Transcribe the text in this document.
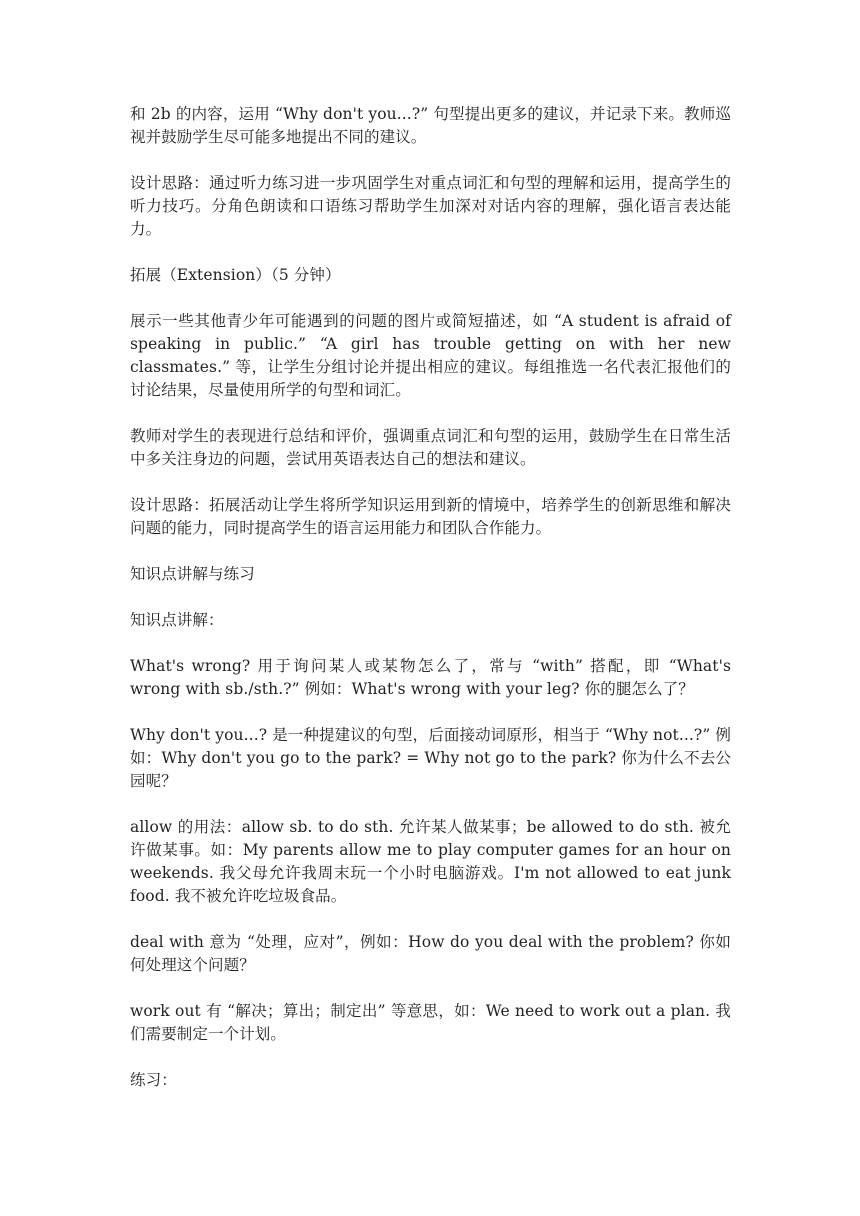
和 2b 的内容，运用 “Why don't you...?” 句型提出更多的建议，并记录下来。教师巡视并鼓励学生尽可能多地提出不同的建议。

设计思路：通过听力练习进一步巩固学生对重点词汇和句型的理解和运用，提高学生的听力技巧。分角色朗读和口语练习帮助学生加深对对话内容的理解，强化语言表达能力。

拓展（Extension）（5 分钟）

展示一些其他青少年可能遇到的问题的图片或简短描述，如 “A student is afraid of speaking in public.” “A girl has trouble getting on with her new classmates.” 等，让学生分组讨论并提出相应的建议。每组推选一名代表汇报他们的讨论结果，尽量使用所学的句型和词汇。

教师对学生的表现进行总结和评价，强调重点词汇和句型的运用，鼓励学生在日常生活中多关注身边的问题，尝试用英语表达自己的想法和建议。

设计思路：拓展活动让学生将所学知识运用到新的情境中，培养学生的创新思维和解决问题的能力，同时提高学生的语言运用能力和团队合作能力。

知识点讲解与练习

知识点讲解：

What's wrong? 用于询问某人或某物怎么了，常与 “with” 搭配，即 “What's wrong with sb./sth.?” 例如：What's wrong with your leg? 你的腿怎么了？

Why don't you...? 是一种提建议的句型，后面接动词原形，相当于 “Why not...?” 例如：Why don't you go to the park? = Why not go to the park? 你为什么不去公园呢？

allow 的用法：allow sb. to do sth. 允许某人做某事；be allowed to do sth. 被允许做某事。如：My parents allow me to play computer games for an hour on weekends. 我父母允许我周末玩一个小时电脑游戏。I'm not allowed to eat junk food. 我不被允许吃垃圾食品。

deal with 意为 “处理，应对”，例如：How do you deal with the problem? 你如何处理这个问题？

work out 有 “解决；算出；制定出” 等意思，如：We need to work out a plan. 我们需要制定一个计划。

练习：
